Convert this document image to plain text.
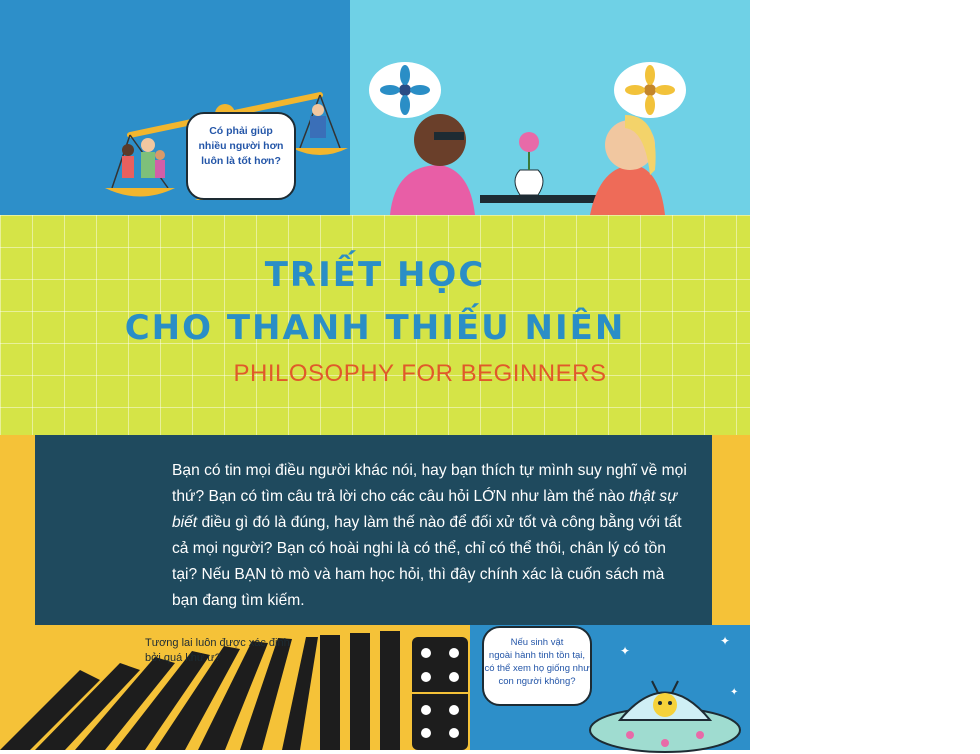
Có phải giúp
nhiều người hơn
luôn là tốt hơn?
Những người khác nhau có suy nghĩ,
cảm nhận hay nhìn thấy mọi vật
theo cách giống nhau không?
TRIẾT HỌC
CHO THANH THIẾU NIÊN
PHILOSOPHY FOR BEGINNERS
Bạn có tin mọi điều người khác nói, hay bạn thích tự mình suy nghĩ về mọi thứ? Bạn có tìm câu trả lời cho các câu hỏi LỚN như làm thế nào thật sự biết điều gì đó là đúng, hay làm thế nào để đối xử tốt và công bằng với tất cả mọi người? Bạn có hoài nghi là có thể, chỉ có thể thôi, chân lý có tồn tại? Nếu BẠN tò mò và ham học hỏi, thì đây chính xác là cuốn sách mà bạn đang tìm kiếm.
Tương lai luôn được xác định
bởi quá khứ ư?	✦
✦
✦
Nếu sinh vật
ngoài hành tinh tồn tại,
có thể xem họ giống như
con người không?
